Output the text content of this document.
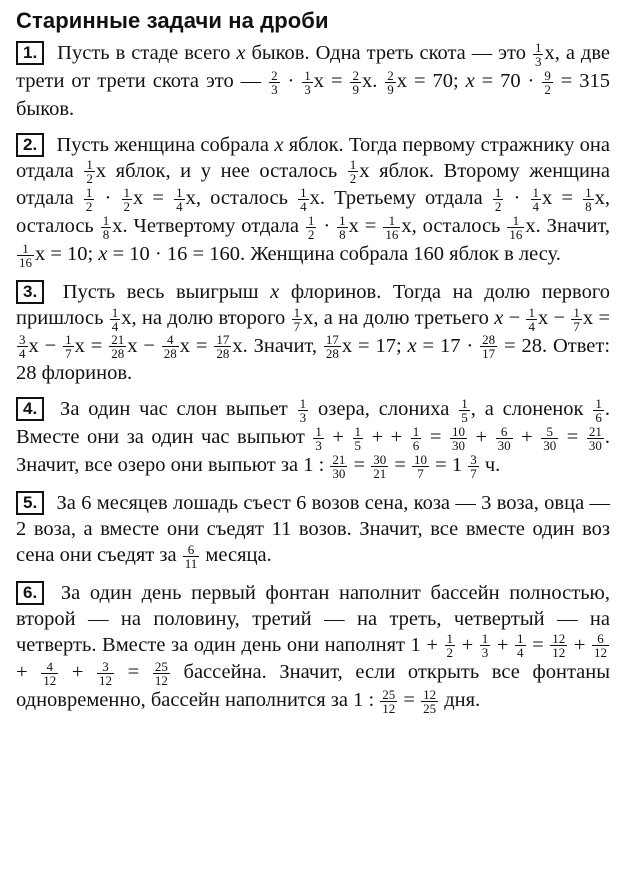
Старинные задачи на дроби
1. Пусть в стаде всего x быков. Одна треть скота — это $\frac{1}{3} x$, а две трети от трети скота это — $\frac{2}{3} \cdot \frac{1}{3}$ $x = \frac{2}{9} x$. $\frac{2}{9}$ x = 70; $x = 70 \cdot \frac{9}{2} = 315$ быков.
2. Пусть женщина собрала x яблок. Тогда первому стражнику она отдала $\frac{1}{2}$ x яблок, и у нее осталось $\frac{1}{2}$ x яблок. Второму женщина отдала $\frac{1}{2} \cdot \frac{1}{2}$ $x = \frac{1}{4} x$, осталось $\frac{1}{4} x$. Третьему отдала $\frac{1}{2} \cdot \frac{1}{4}$ $x = \frac{1}{8} x$, осталось $\frac{1}{8} x$. Четвертому отдала $\frac{1}{2} \cdot \frac{1}{8}$ $x = \frac{1}{16} x$, осталось $\frac{1}{16} x$. Значит,
$\frac{1}{16}$ x = 10; x = 10 · 16 = 160. Женщина собрала 160 яблок в лесу.
3. Пусть весь выигрыш x флоринов. Тогда на долю первого пришлось $\frac{1}{4} x$, на долю второго $\frac{1}{7} x$, а на долю третьего $x - \frac{1}{4}$ $x - \frac{1}{7}$ x =
$\frac{3}{4}$ $x - \frac{1}{7}$ $x = \frac{21}{28}$ $x - \frac{4}{28}$ $x = \frac{17}{28} x$. Значит, $\frac{17}{28}$ x = 17; $x = 17 \cdot \frac{28}{17} = 28$. Ответ: 28 флоринов.
4. За один час слон выпьет $\frac{1}{3}$ озера, слониха $\frac{1}{5}$ , а слоненок $\frac{1}{6}$ . Вместе они за один час выпьют $\frac{1}{3} + \frac{1}{5}$ + + $\frac{1}{6} = \frac{10}{30} + \frac{6}{30} + \frac{5}{30} = \frac{21}{30}$ . Значит, все озеро они выпьют за 1 : $\frac{21}{30} = \frac{30}{21} = \frac{10}{7} = 1 \frac{3}{7} ч$.
5. За 6 месяцев лошадь съест 6 возов сена, коза — 3 воза, овца — 2 воза, а вместе они съедят 11 возов. Значит, все вместе один воз сена они съедят за $\frac{6}{11}$ месяца.
6. За один день первый фонтан наполнит бассейн полностью, второй — на половину, третий — на треть, четвертый — на четверть. Вместе за один день они наполнят $1 + \frac{1}{2} + \frac{1}{3} + \frac{1}{4} = \frac{12}{12} + \frac{6}{12}$
+ $\frac{4}{12} + \frac{3}{12} = \frac{25}{12}$ бассейна. Значит, если открыть все фонтаны одновременно, бассейн наполнится за 1 : $\frac{25}{12} = \frac{12}{25}$ дня.
